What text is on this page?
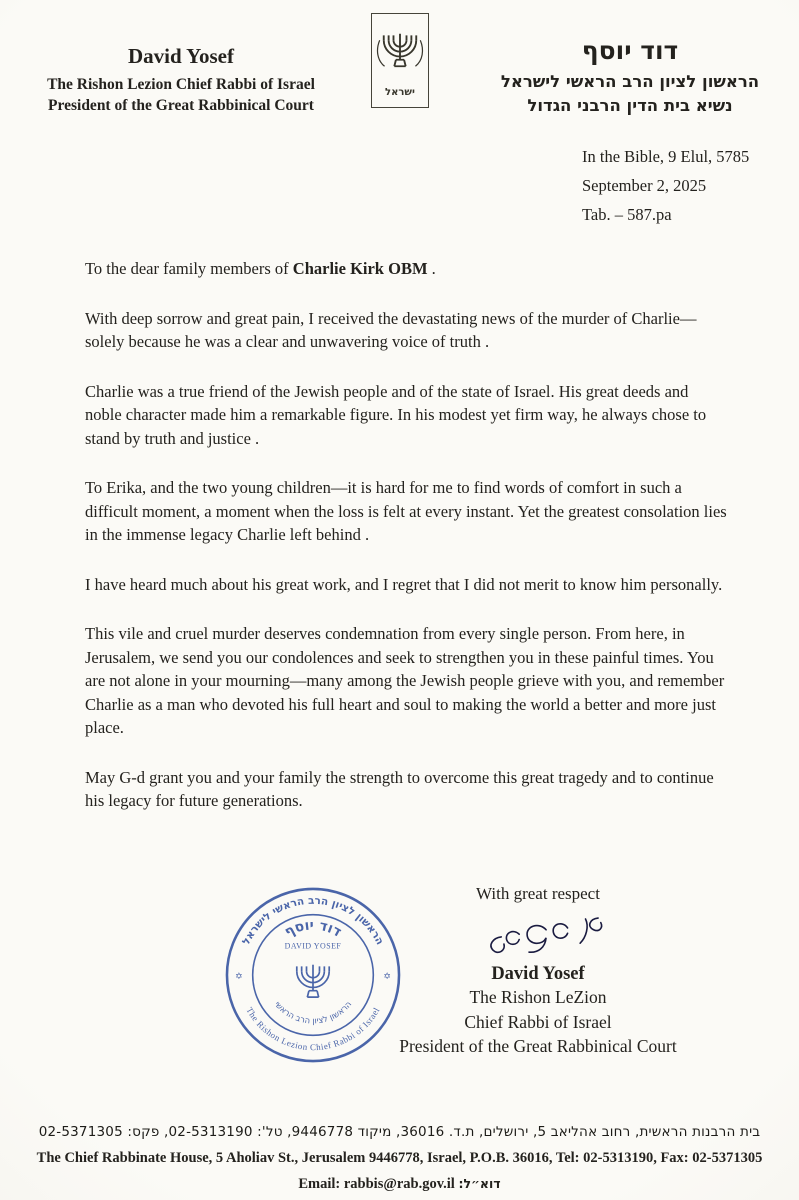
David Yosef
The Rishon Lezion Chief Rabbi of Israel
President of the Great Rabbinical Court
ישראל
דוד יוסף
הראשון לציון הרב הראשי לישראל
נשיא בית הדין הרבני הגדול
In the Bible, 9 Elul, 5785
September 2, 2025
Tab. – 587.pa

To the dear family members of Charlie Kirk OBM .

With deep sorrow and great pain, I received the devastating news of the murder of Charlie—solely because he was a clear and unwavering voice of truth .

Charlie was a true friend of the Jewish people and of the state of Israel. His great deeds and noble character made him a remarkable figure. In his modest yet firm way, he always chose to stand by truth and justice .

To Erika, and the two young children—it is hard for me to find words of comfort in such a difficult moment, a moment when the loss is felt at every instant. Yet the greatest consolation lies in the immense legacy Charlie left behind .

I have heard much about his great work, and I regret that I did not merit to know him personally.

This vile and cruel murder deserves condemnation from every single person. From here, in Jerusalem, we send you our condolences and seek to strengthen you in these painful times. You are not alone in your mourning—many among the Jewish people grieve with you, and remember Charlie as a man who devoted his full heart and soul to making the world a better and more just place.

May G-d grant you and your family the strength to overcome this great tragedy and to continue his legacy for future generations.

הראשון לציון הרב הראשי לישראל
The Rishon Lezion Chief Rabbi of Israel
דוד יוסף
DAVID YOSEF
הראשון לציון הרב הראשי
✡	✡
With great respect
David Yosef
The Rishon LeZion
Chief Rabbi of Israel
President of the Great Rabbinical Court
בית הרבנות הראשית, רחוב אהליאב 5, ירושלים, ת.ד. 36016, מיקוד 9446778, טל': 02-5313190, פקס: 02-5371305
The Chief Rabbinate House, 5 Aholiav St., Jerusalem 9446778, Israel, P.O.B. 36016, Tel: 02-5313190, Fax: 02-5371305
Email: rabbis@rab.gov.il דוא״ל:
